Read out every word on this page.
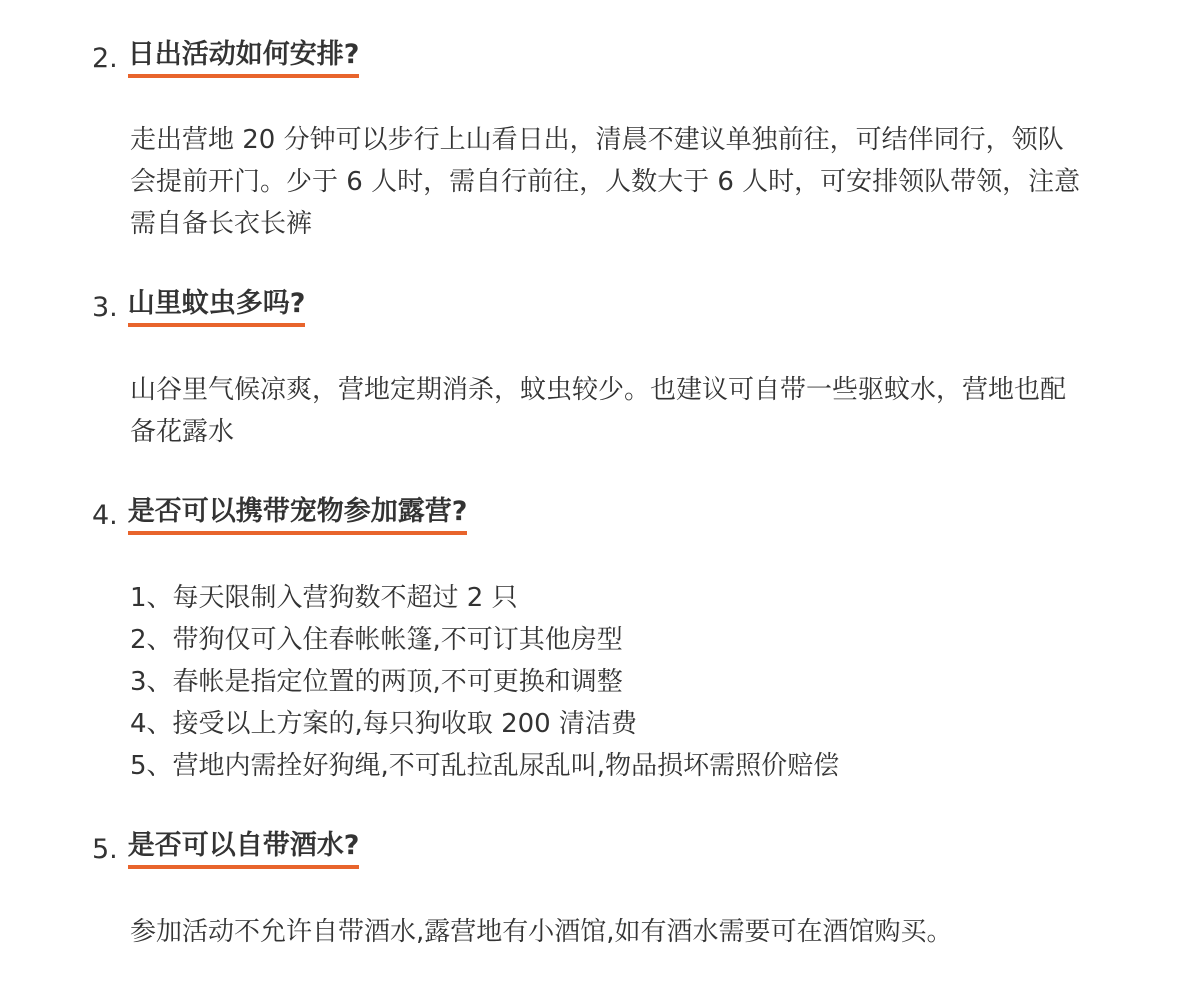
2. 日出活动如何安排?
走出营地 20 分钟可以步行上山看日出，清晨不建议单独前往，可结伴同行，领队
会提前开门。少于 6 人时，需自行前往，人数大于 6 人时，可安排领队带领，注意
需自备长衣长裤
3. 山里蚊虫多吗?
山谷里气候凉爽，营地定期消杀，蚊虫较少。也建议可自带一些驱蚊水，营地也配
备花露水
4. 是否可以携带宠物参加露营?
1、每天限制入营狗数不超过 2 只
2、带狗仅可入住春帐帐篷,不可订其他房型
3、春帐是指定位置的两顶,不可更换和调整
4、接受以上方案的,每只狗收取 200 清洁费
5、营地内需拴好狗绳,不可乱拉乱尿乱叫,物品损坏需照价赔偿
5. 是否可以自带酒水?
参加活动不允许自带酒水,露营地有小酒馆,如有酒水需要可在酒馆购买。
